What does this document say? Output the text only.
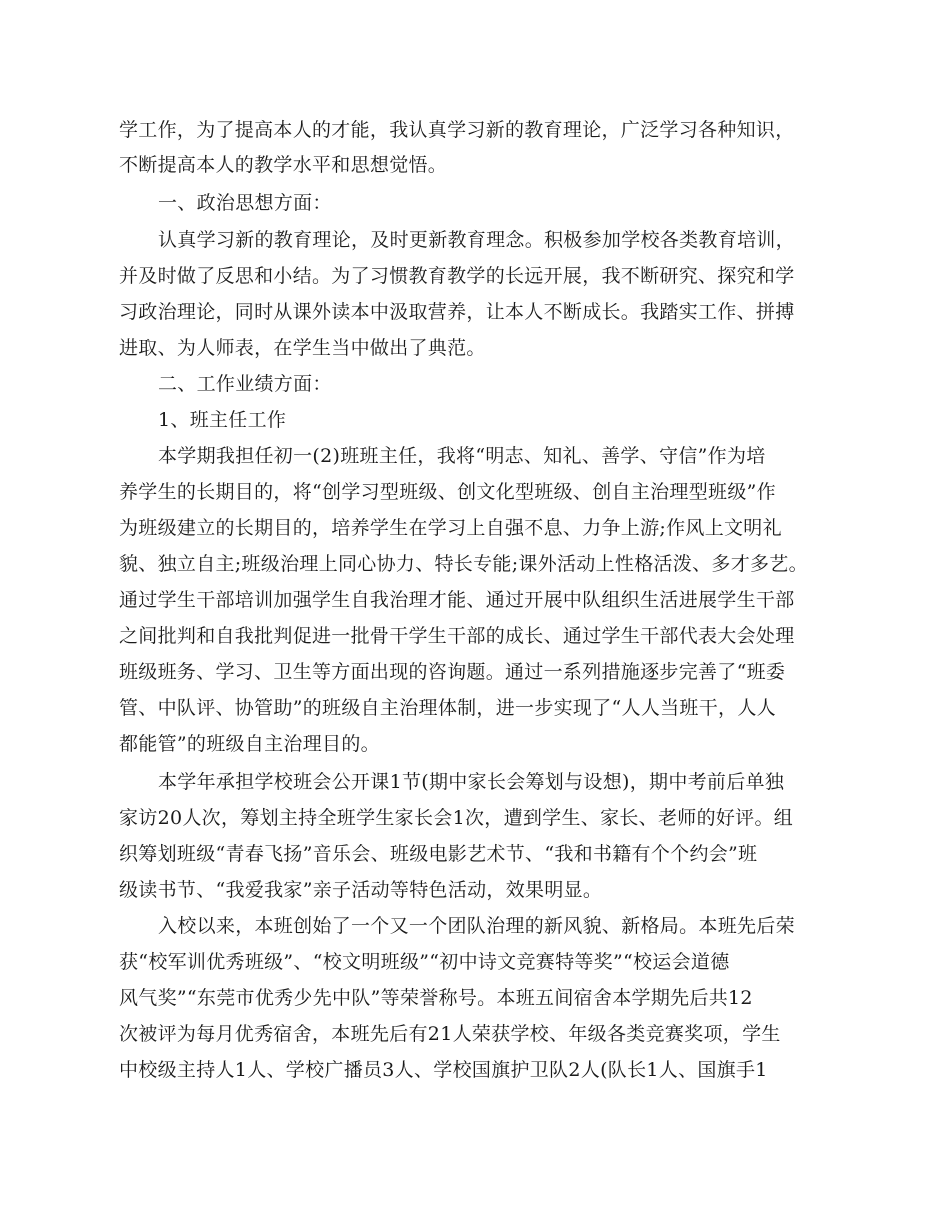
学工作，为了提高本人的才能，我认真学习新的教育理论，广泛学习各种知识，
不断提高本人的教学水平和思想觉悟。
一、政治思想方面：
认真学习新的教育理论，及时更新教育理念。积极参加学校各类教育培训，
并及时做了反思和小结。为了习惯教育教学的长远开展，我不断研究、探究和学
习政治理论，同时从课外读本中汲取营养，让本人不断成长。我踏实工作、拼搏
进取、为人师表，在学生当中做出了典范。
二、工作业绩方面：
1、班主任工作
本学期我担任初一(2)班班主任，我将“明志、知礼、善学、守信”作为培
养学生的长期目的，将“创学习型班级、创文化型班级、创自主治理型班级”作
为班级建立的长期目的，培养学生在学习上自强不息、力争上游;作风上文明礼
貌、独立自主;班级治理上同心协力、特长专能;课外活动上性格活泼、多才多艺。
通过学生干部培训加强学生自我治理才能、通过开展中队组织生活进展学生干部
之间批判和自我批判促进一批骨干学生干部的成长、通过学生干部代表大会处理
班级班务、学习、卫生等方面出现的咨询题。通过一系列措施逐步完善了“班委
管、中队评、协管助”的班级自主治理体制，进一步实现了“人人当班干，人人
都能管”的班级自主治理目的。
本学年承担学校班会公开课1节(期中家长会筹划与设想)，期中考前后单独
家访20人次，筹划主持全班学生家长会1次，遭到学生、家长、老师的好评。组
织筹划班级“青春飞扬”音乐会、班级电影艺术节、“我和书籍有个个约会”班
级读书节、“我爱我家”亲子活动等特色活动，效果明显。
入校以来，本班创始了一个又一个团队治理的新风貌、新格局。本班先后荣
获“校军训优秀班级”、“校文明班级”“初中诗文竞赛特等奖”“校运会道德
风气奖”“东莞市优秀少先中队”等荣誉称号。本班五间宿舍本学期先后共12
次被评为每月优秀宿舍，本班先后有21人荣获学校、年级各类竞赛奖项，学生
中校级主持人1人、学校广播员3人、学校国旗护卫队2人(队长1人、国旗手1
